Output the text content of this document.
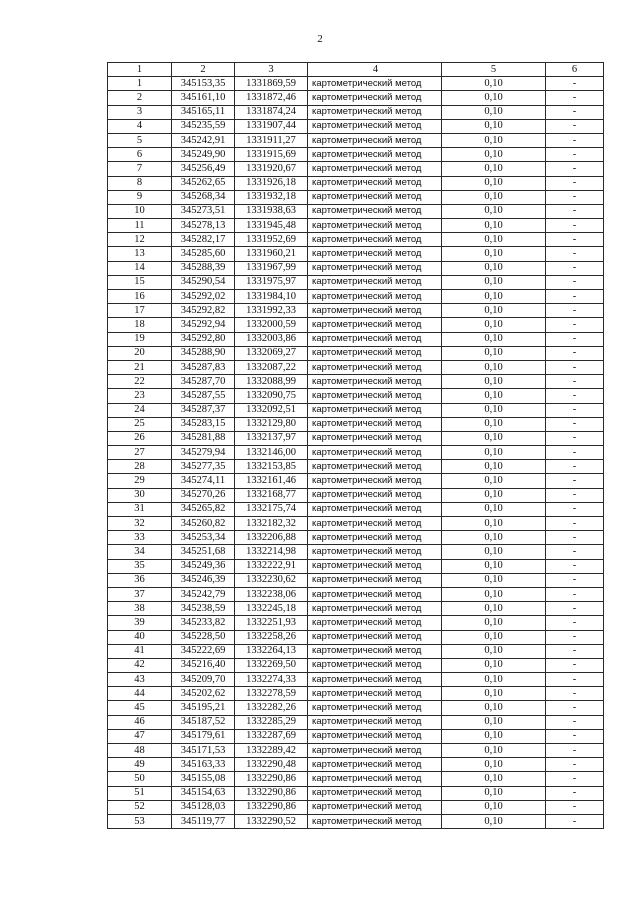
2
1	2	3	4	5	6
1	345153,35	1331869,59	картометрический метод	0,10	-
2	345161,10	1331872,46	картометрический метод	0,10	-
3	345165,11	1331874,24	картометрический метод	0,10	-
4	345235,59	1331907,44	картометрический метод	0,10	-
5	345242,91	1331911,27	картометрический метод	0,10	-
6	345249,90	1331915,69	картометрический метод	0,10	-
7	345256,49	1331920,67	картометрический метод	0,10	-
8	345262,65	1331926,18	картометрический метод	0,10	-
9	345268,34	1331932,18	картометрический метод	0,10	-
10	345273,51	1331938,63	картометрический метод	0,10	-
11	345278,13	1331945,48	картометрический метод	0,10	-
12	345282,17	1331952,69	картометрический метод	0,10	-
13	345285,60	1331960,21	картометрический метод	0,10	-
14	345288,39	1331967,99	картометрический метод	0,10	-
15	345290,54	1331975,97	картометрический метод	0,10	-
16	345292,02	1331984,10	картометрический метод	0,10	-
17	345292,82	1331992,33	картометрический метод	0,10	-
18	345292,94	1332000,59	картометрический метод	0,10	-
19	345292,80	1332003,86	картометрический метод	0,10	-
20	345288,90	1332069,27	картометрический метод	0,10	-
21	345287,83	1332087,22	картометрический метод	0,10	-
22	345287,70	1332088,99	картометрический метод	0,10	-
23	345287,55	1332090,75	картометрический метод	0,10	-
24	345287,37	1332092,51	картометрический метод	0,10	-
25	345283,15	1332129,80	картометрический метод	0,10	-
26	345281,88	1332137,97	картометрический метод	0,10	-
27	345279,94	1332146,00	картометрический метод	0,10	-
28	345277,35	1332153,85	картометрический метод	0,10	-
29	345274,11	1332161,46	картометрический метод	0,10	-
30	345270,26	1332168,77	картометрический метод	0,10	-
31	345265,82	1332175,74	картометрический метод	0,10	-
32	345260,82	1332182,32	картометрический метод	0,10	-
33	345253,34	1332206,88	картометрический метод	0,10	-
34	345251,68	1332214,98	картометрический метод	0,10	-
35	345249,36	1332222,91	картометрический метод	0,10	-
36	345246,39	1332230,62	картометрический метод	0,10	-
37	345242,79	1332238,06	картометрический метод	0,10	-
38	345238,59	1332245,18	картометрический метод	0,10	-
39	345233,82	1332251,93	картометрический метод	0,10	-
40	345228,50	1332258,26	картометрический метод	0,10	-
41	345222,69	1332264,13	картометрический метод	0,10	-
42	345216,40	1332269,50	картометрический метод	0,10	-
43	345209,70	1332274,33	картометрический метод	0,10	-
44	345202,62	1332278,59	картометрический метод	0,10	-
45	345195,21	1332282,26	картометрический метод	0,10	-
46	345187,52	1332285,29	картометрический метод	0,10	-
47	345179,61	1332287,69	картометрический метод	0,10	-
48	345171,53	1332289,42	картометрический метод	0,10	-
49	345163,33	1332290,48	картометрический метод	0,10	-
50	345155,08	1332290,86	картометрический метод	0,10	-
51	345154,63	1332290,86	картометрический метод	0,10	-
52	345128,03	1332290,86	картометрический метод	0,10	-
53	345119,77	1332290,52	картометрический метод	0,10	-
